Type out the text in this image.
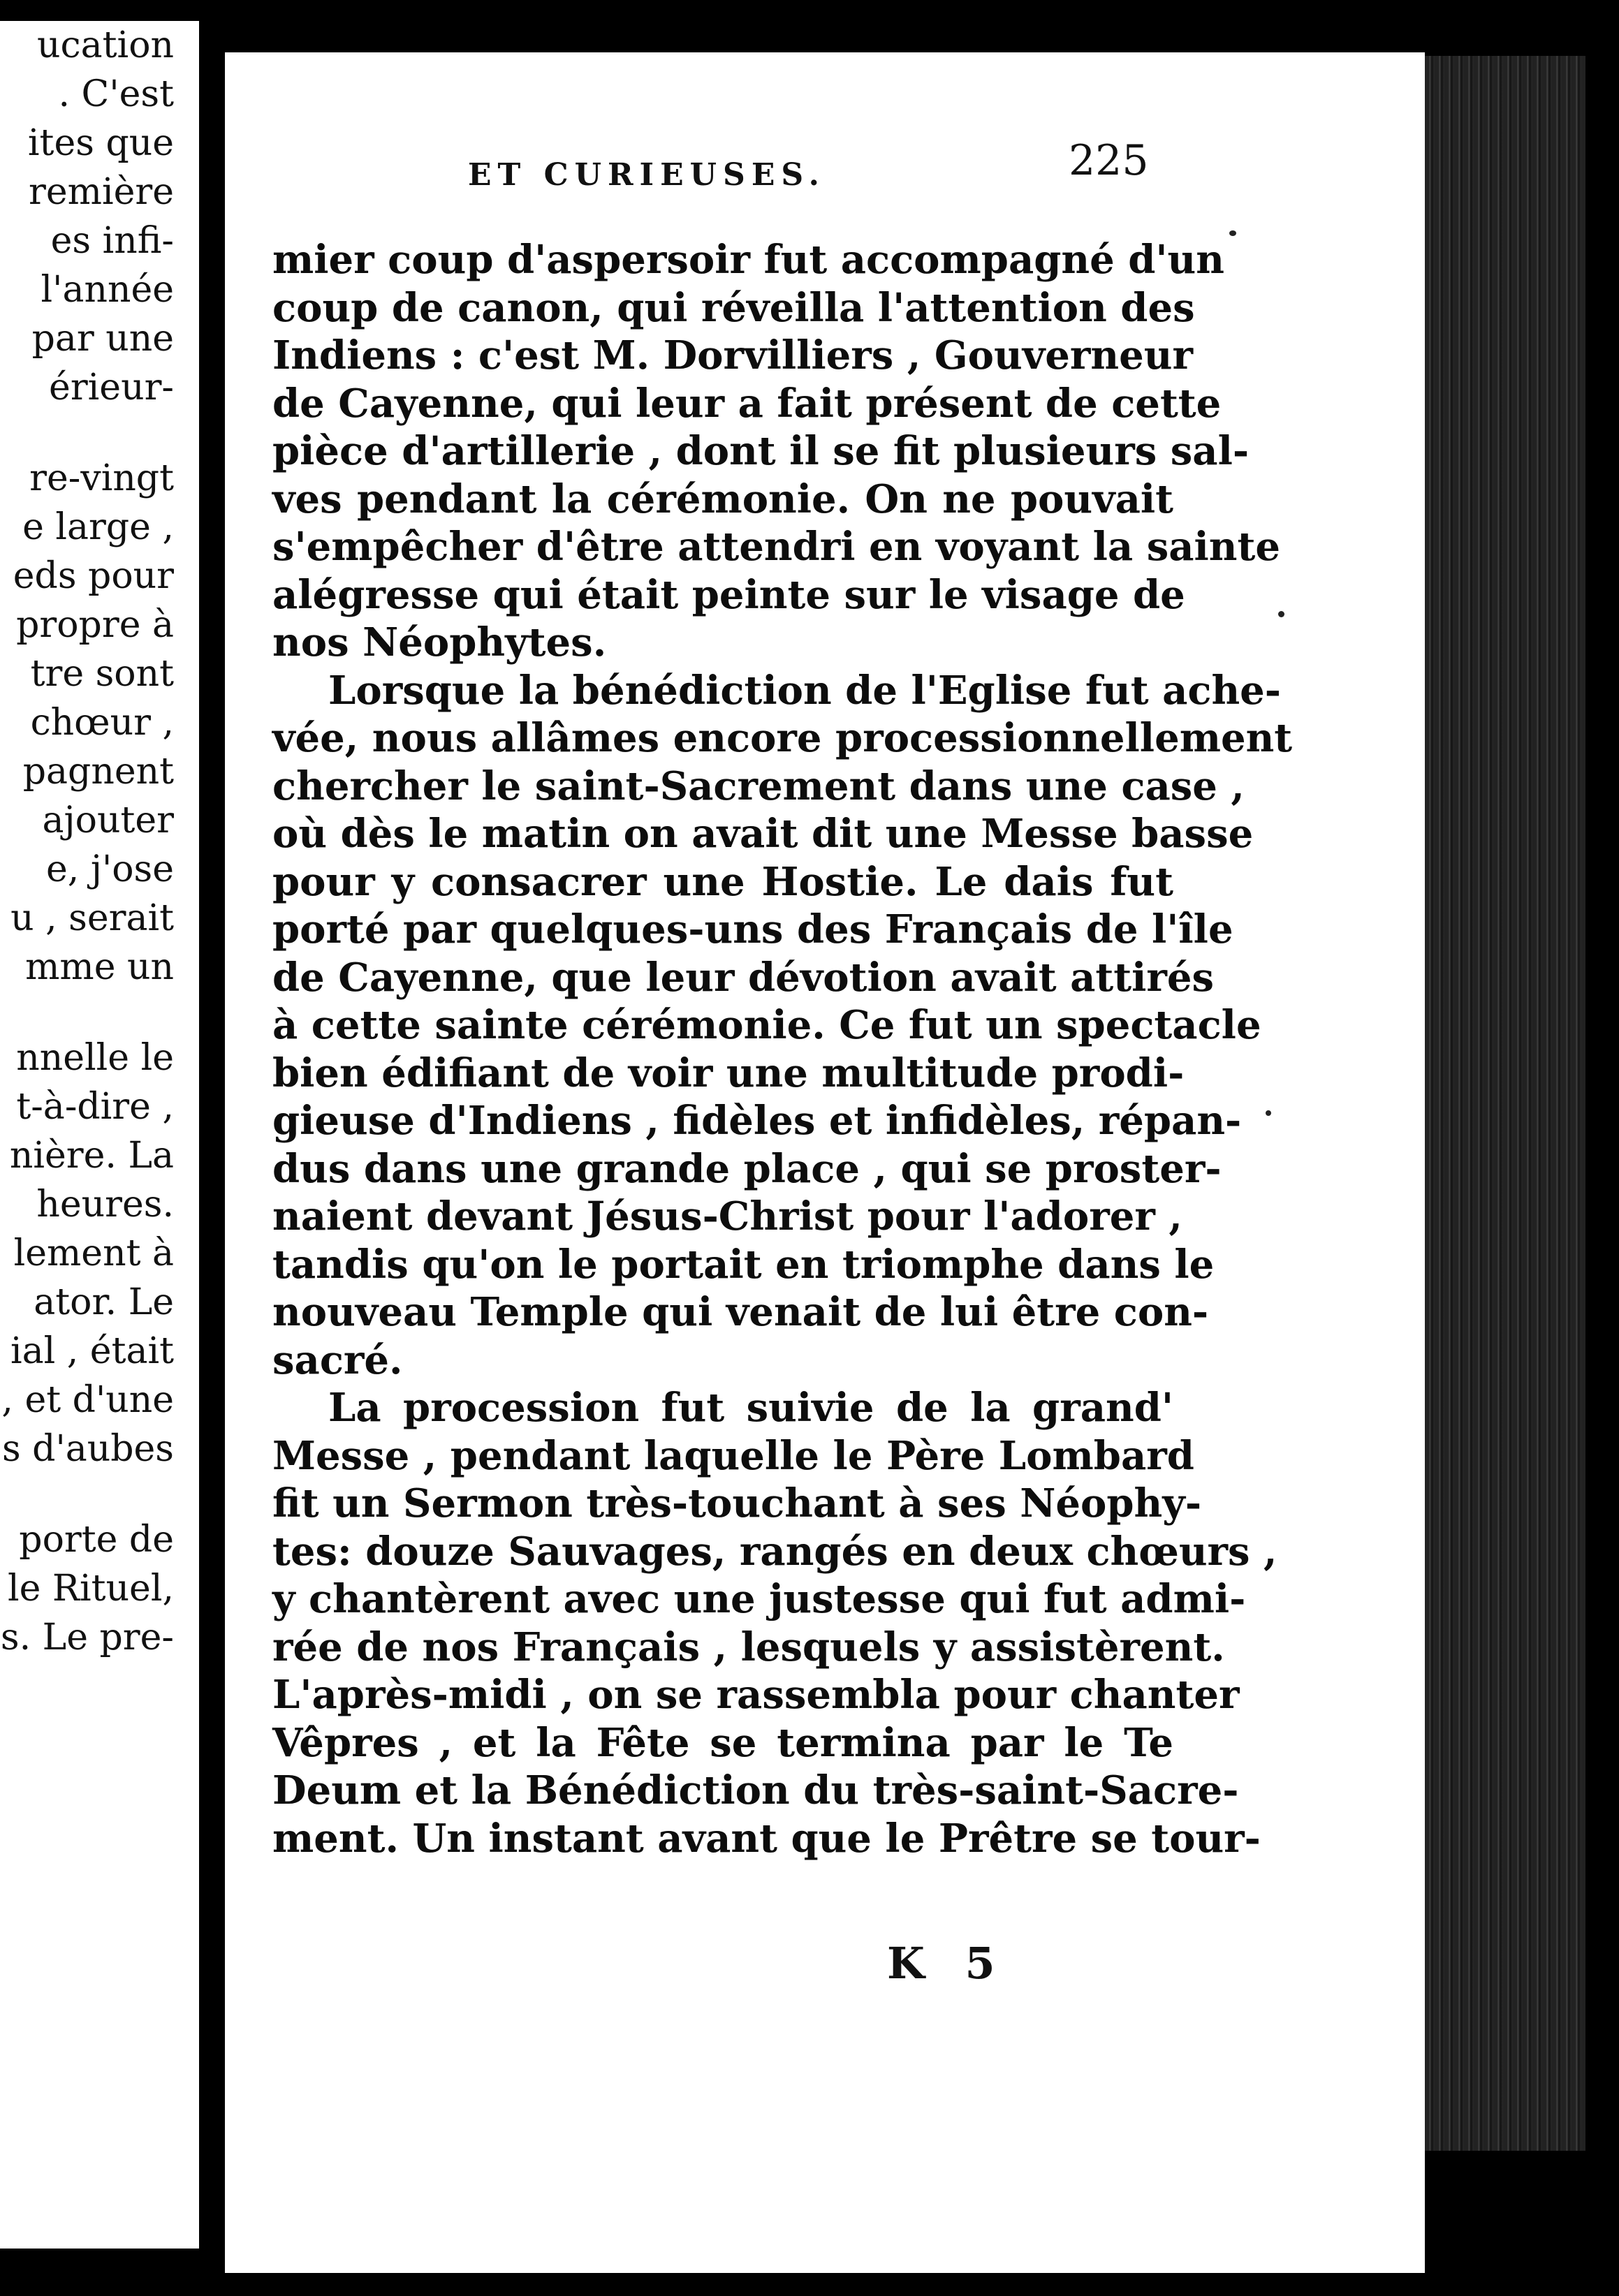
ucation
. C'est
ites que
remière
es infi-
l'année
par une
érieur-
re-vingt
e large ,
eds pour
propre à
tre sont
chœur ,
pagnent
ajouter
e, j'ose
u , serait
mme un
nnelle le
t-à-dire ,
nière. La
heures.
lement à
ator. Le
ial , était
, et d'une
s d'aubes
porte de
le Rituel,
s. Le pre-
ET CURIEUSES.	225
mier coup d'aspersoir fut accompagné d'un
coup de canon, qui réveilla l'attention des
Indiens : c'est M. Dorvilliers , Gouverneur
de Cayenne, qui leur a fait présent de cette
pièce d'artillerie , dont il se fit plusieurs sal-
ves pendant la cérémonie. On ne pouvait
s'empêcher d'être attendri en voyant la sainte
alégresse qui était peinte sur le visage de
nos Néophytes.
Lorsque la bénédiction de l'Eglise fut ache-
vée, nous allâmes encore processionnellement
chercher le saint-Sacrement dans une case ,
où dès le matin on avait dit une Messe basse
pour y consacrer une Hostie. Le dais fut
porté par quelques-uns des Français de l'île
de Cayenne, que leur dévotion avait attirés
à cette sainte cérémonie. Ce fut un spectacle
bien édifiant de voir une multitude prodi-
gieuse d'Indiens , fidèles et infidèles, répan-
dus dans une grande place , qui se proster-
naient devant Jésus-Christ pour l'adorer ,
tandis qu'on le portait en triomphe dans le
nouveau Temple qui venait de lui être con-
sacré.
La procession fut suivie de la grand'
Messe , pendant laquelle le Père Lombard
fit un Sermon très-touchant à ses Néophy-
tes: douze Sauvages, rangés en deux chœurs ,
y chantèrent avec une justesse qui fut admi-
rée de nos Français , lesquels y assistèrent.
L'après-midi , on se rassembla pour chanter
Vêpres , et la Fête se termina par le Te
Deum et la Bénédiction du très-saint-Sacre-
ment. Un instant avant que le Prêtre se tour-
K 5
